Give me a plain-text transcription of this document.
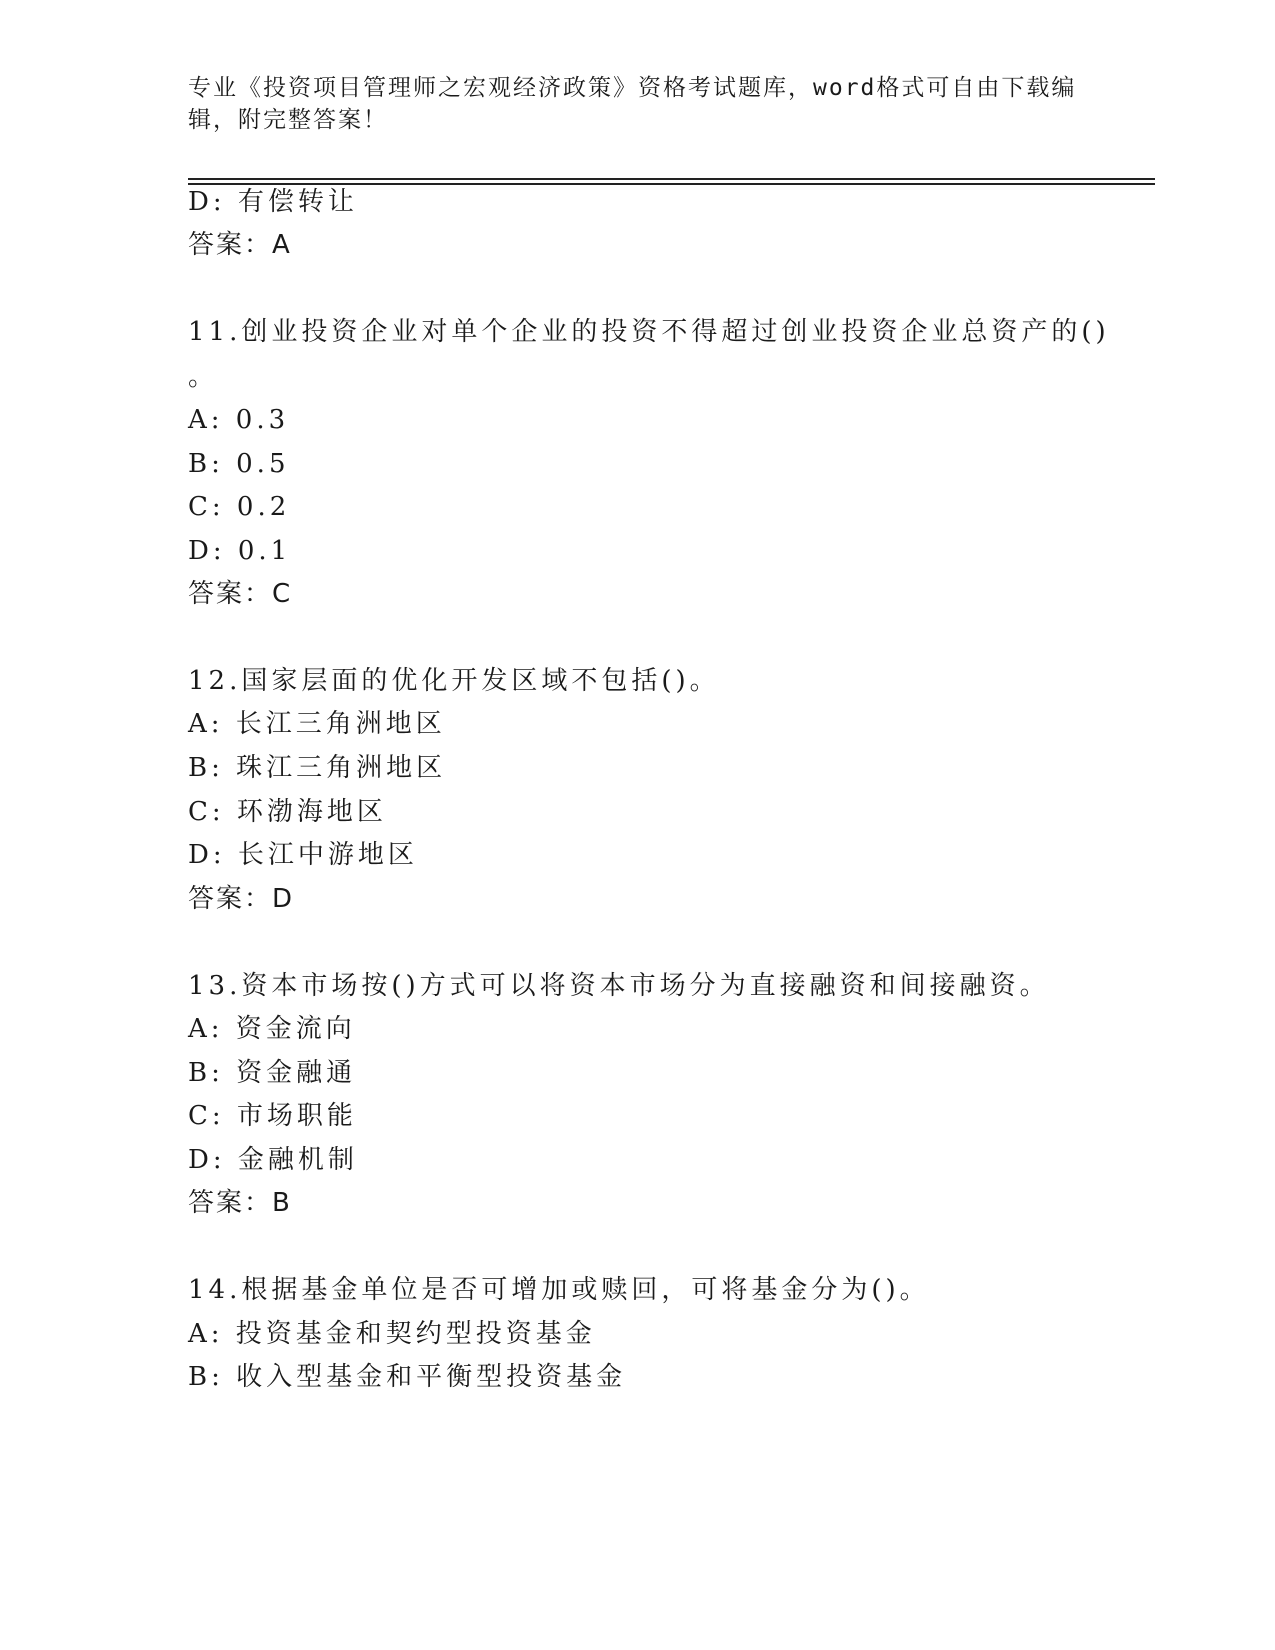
专业《投资项目管理师之宏观经济政策》资格考试题库，word格式可自由下载编
辑，附完整答案！
D: 有偿转让
答案：A
11.创业投资企业对单个企业的投资不得超过创业投资企业总资产的()
。
A: 0.3
B: 0.5
C: 0.2
D: 0.1
答案：C
12.国家层面的优化开发区域不包括()。
A: 长江三角洲地区
B: 珠江三角洲地区
C: 环渤海地区
D: 长江中游地区
答案：D
13.资本市场按()方式可以将资本市场分为直接融资和间接融资。
A: 资金流向
B: 资金融通
C: 市场职能
D: 金融机制
答案：B
14.根据基金单位是否可增加或赎回，可将基金分为()。
A: 投资基金和契约型投资基金
B: 收入型基金和平衡型投资基金
